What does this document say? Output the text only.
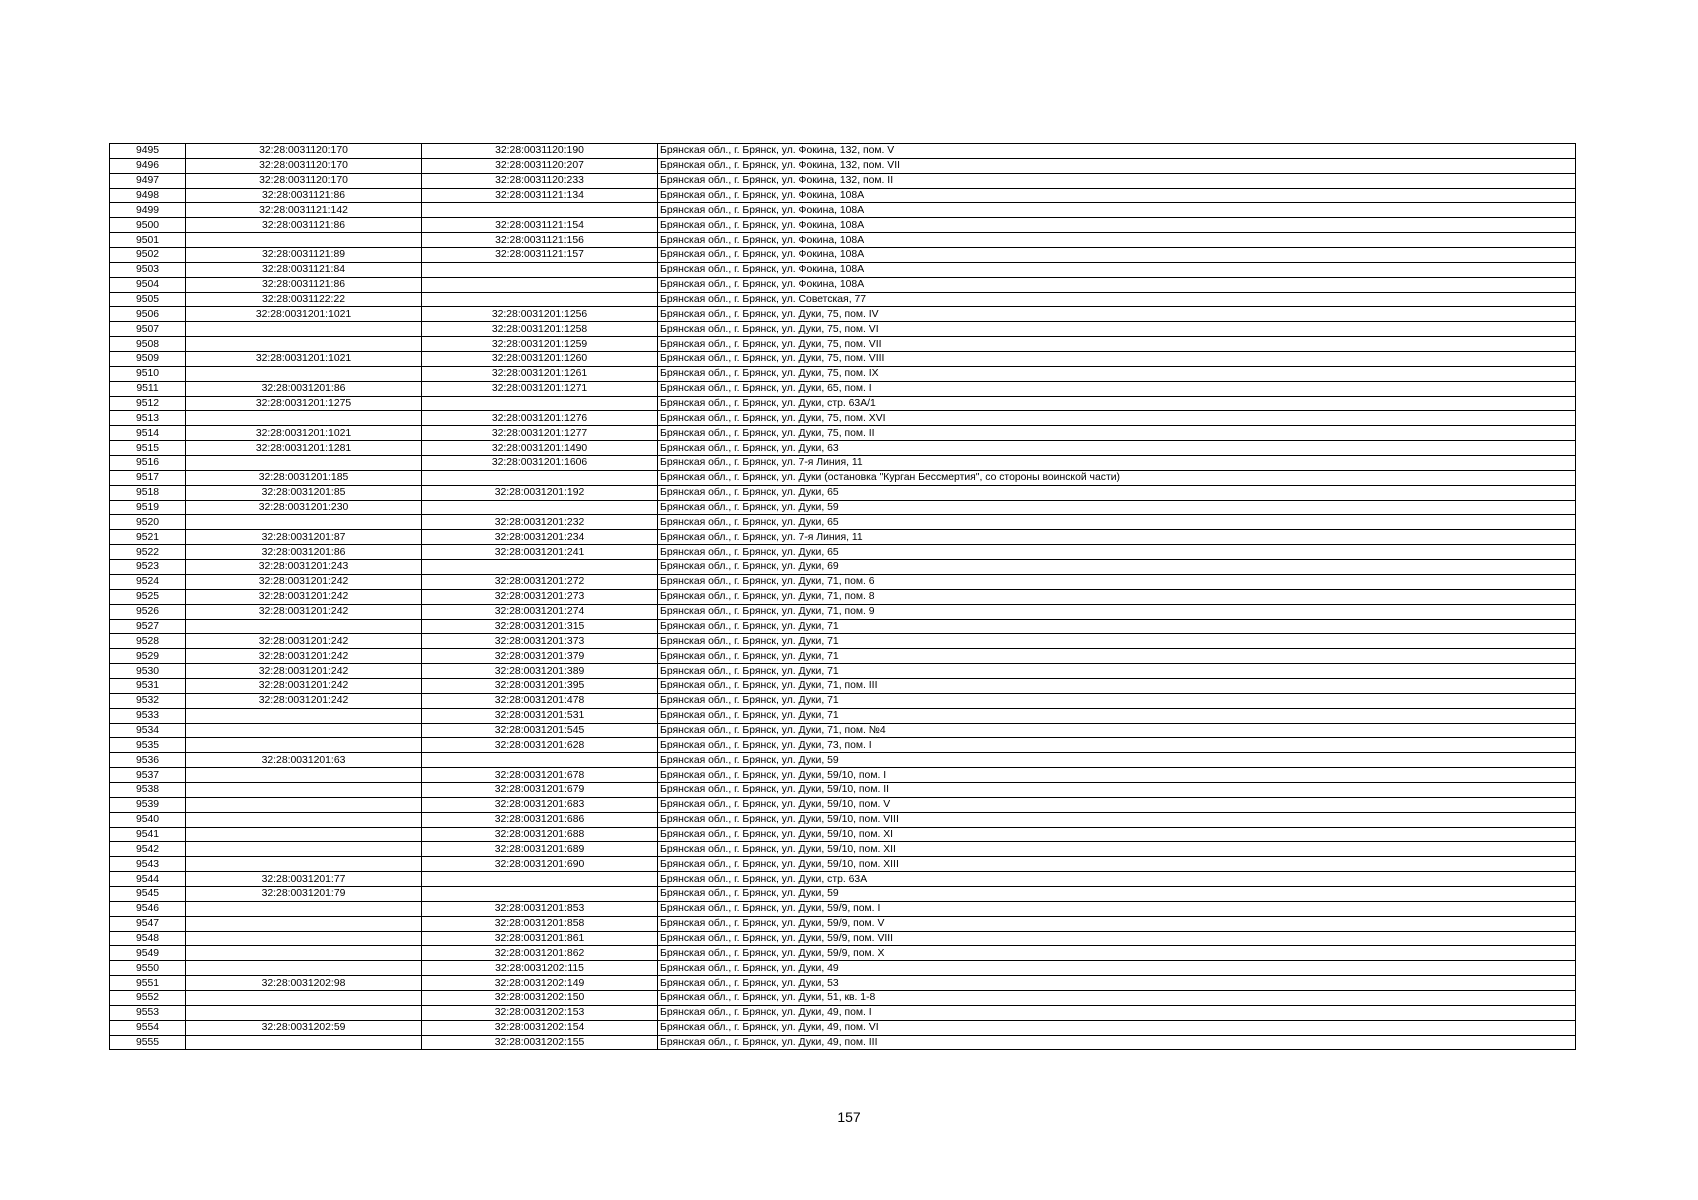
9495	32:28:0031120:170	32:28:0031120:190	Брянская обл., г. Брянск, ул. Фокина, 132, пом. V
9496	32:28:0031120:170	32:28:0031120:207	Брянская обл., г. Брянск, ул. Фокина, 132, пом. VII
9497	32:28:0031120:170	32:28:0031120:233	Брянская обл., г. Брянск, ул. Фокина, 132, пом. II
9498	32:28:0031121:86	32:28:0031121:134	Брянская обл., г. Брянск, ул. Фокина, 108А
9499	32:28:0031121:142		Брянская обл., г. Брянск, ул. Фокина, 108А
9500	32:28:0031121:86	32:28:0031121:154	Брянская обл., г. Брянск, ул. Фокина, 108А
9501		32:28:0031121:156	Брянская обл., г. Брянск, ул. Фокина, 108А
9502	32:28:0031121:89	32:28:0031121:157	Брянская обл., г. Брянск, ул. Фокина, 108А
9503	32:28:0031121:84		Брянская обл., г. Брянск, ул. Фокина, 108А
9504	32:28:0031121:86		Брянская обл., г. Брянск, ул. Фокина, 108А
9505	32:28:0031122:22		Брянская обл., г. Брянск, ул. Советская, 77
9506	32:28:0031201:1021	32:28:0031201:1256	Брянская обл., г. Брянск, ул. Дуки, 75, пом. IV
9507		32:28:0031201:1258	Брянская обл., г. Брянск, ул. Дуки, 75, пом. VI
9508		32:28:0031201:1259	Брянская обл., г. Брянск, ул. Дуки, 75, пом. VII
9509	32:28:0031201:1021	32:28:0031201:1260	Брянская обл., г. Брянск, ул. Дуки, 75, пом. VIII
9510		32:28:0031201:1261	Брянская обл., г. Брянск, ул. Дуки, 75, пом. IX
9511	32:28:0031201:86	32:28:0031201:1271	Брянская обл., г. Брянск, ул. Дуки, 65, пом. I
9512	32:28:0031201:1275		Брянская обл., г. Брянск, ул. Дуки, стр. 63А/1
9513		32:28:0031201:1276	Брянская обл., г. Брянск, ул. Дуки, 75, пом. XVI
9514	32:28:0031201:1021	32:28:0031201:1277	Брянская обл., г. Брянск, ул. Дуки, 75, пом. II
9515	32:28:0031201:1281	32:28:0031201:1490	Брянская обл., г. Брянск, ул. Дуки, 63
9516		32:28:0031201:1606	Брянская обл., г. Брянск, ул. 7-я Линия, 11
9517	32:28:0031201:185		Брянская обл., г. Брянск, ул. Дуки (остановка "Курган Бессмертия", со стороны воинской части)
9518	32:28:0031201:85	32:28:0031201:192	Брянская обл., г. Брянск, ул. Дуки, 65
9519	32:28:0031201:230		Брянская обл., г. Брянск, ул. Дуки, 59
9520		32:28:0031201:232	Брянская обл., г. Брянск, ул. Дуки, 65
9521	32:28:0031201:87	32:28:0031201:234	Брянская обл., г. Брянск, ул. 7-я Линия, 11
9522	32:28:0031201:86	32:28:0031201:241	Брянская обл., г. Брянск, ул. Дуки, 65
9523	32:28:0031201:243		Брянская обл., г. Брянск, ул. Дуки, 69
9524	32:28:0031201:242	32:28:0031201:272	Брянская обл., г. Брянск, ул. Дуки, 71, пом. 6
9525	32:28:0031201:242	32:28:0031201:273	Брянская обл., г. Брянск, ул. Дуки, 71, пом. 8
9526	32:28:0031201:242	32:28:0031201:274	Брянская обл., г. Брянск, ул. Дуки, 71, пом. 9
9527		32:28:0031201:315	Брянская обл., г. Брянск, ул. Дуки, 71
9528	32:28:0031201:242	32:28:0031201:373	Брянская обл., г. Брянск, ул. Дуки, 71
9529	32:28:0031201:242	32:28:0031201:379	Брянская обл., г. Брянск, ул. Дуки, 71
9530	32:28:0031201:242	32:28:0031201:389	Брянская обл., г. Брянск, ул. Дуки, 71
9531	32:28:0031201:242	32:28:0031201:395	Брянская обл., г. Брянск, ул. Дуки, 71, пом. III
9532	32:28:0031201:242	32:28:0031201:478	Брянская обл., г. Брянск, ул. Дуки, 71
9533		32:28:0031201:531	Брянская обл., г. Брянск, ул. Дуки, 71
9534		32:28:0031201:545	Брянская обл., г. Брянск, ул. Дуки, 71, пом. №4
9535		32:28:0031201:628	Брянская обл., г. Брянск, ул. Дуки, 73, пом. I
9536	32:28:0031201:63		Брянская обл., г. Брянск, ул. Дуки, 59
9537		32:28:0031201:678	Брянская обл., г. Брянск, ул. Дуки, 59/10, пом. I
9538		32:28:0031201:679	Брянская обл., г. Брянск, ул. Дуки, 59/10, пом. II
9539		32:28:0031201:683	Брянская обл., г. Брянск, ул. Дуки, 59/10, пом. V
9540		32:28:0031201:686	Брянская обл., г. Брянск, ул. Дуки, 59/10, пом. VIII
9541		32:28:0031201:688	Брянская обл., г. Брянск, ул. Дуки, 59/10, пом. XI
9542		32:28:0031201:689	Брянская обл., г. Брянск, ул. Дуки, 59/10, пом. XII
9543		32:28:0031201:690	Брянская обл., г. Брянск, ул. Дуки, 59/10, пом. XIII
9544	32:28:0031201:77		Брянская обл., г. Брянск, ул. Дуки, стр. 63А
9545	32:28:0031201:79		Брянская обл., г. Брянск, ул. Дуки, 59
9546		32:28:0031201:853	Брянская обл., г. Брянск, ул. Дуки, 59/9, пом. I
9547		32:28:0031201:858	Брянская обл., г. Брянск, ул. Дуки, 59/9, пом. V
9548		32:28:0031201:861	Брянская обл., г. Брянск, ул. Дуки, 59/9, пом. VIII
9549		32:28:0031201:862	Брянская обл., г. Брянск, ул. Дуки, 59/9, пом. X
9550		32:28:0031202:115	Брянская обл., г. Брянск, ул. Дуки, 49
9551	32:28:0031202:98	32:28:0031202:149	Брянская обл., г. Брянск, ул. Дуки, 53
9552		32:28:0031202:150	Брянская обл., г. Брянск, ул. Дуки, 51, кв. 1-8
9553		32:28:0031202:153	Брянская обл., г. Брянск, ул. Дуки, 49, пом. I
9554	32:28:0031202:59	32:28:0031202:154	Брянская обл., г. Брянск, ул. Дуки, 49, пом. VI
9555		32:28:0031202:155	Брянская обл., г. Брянск, ул. Дуки, 49, пом. III
157
